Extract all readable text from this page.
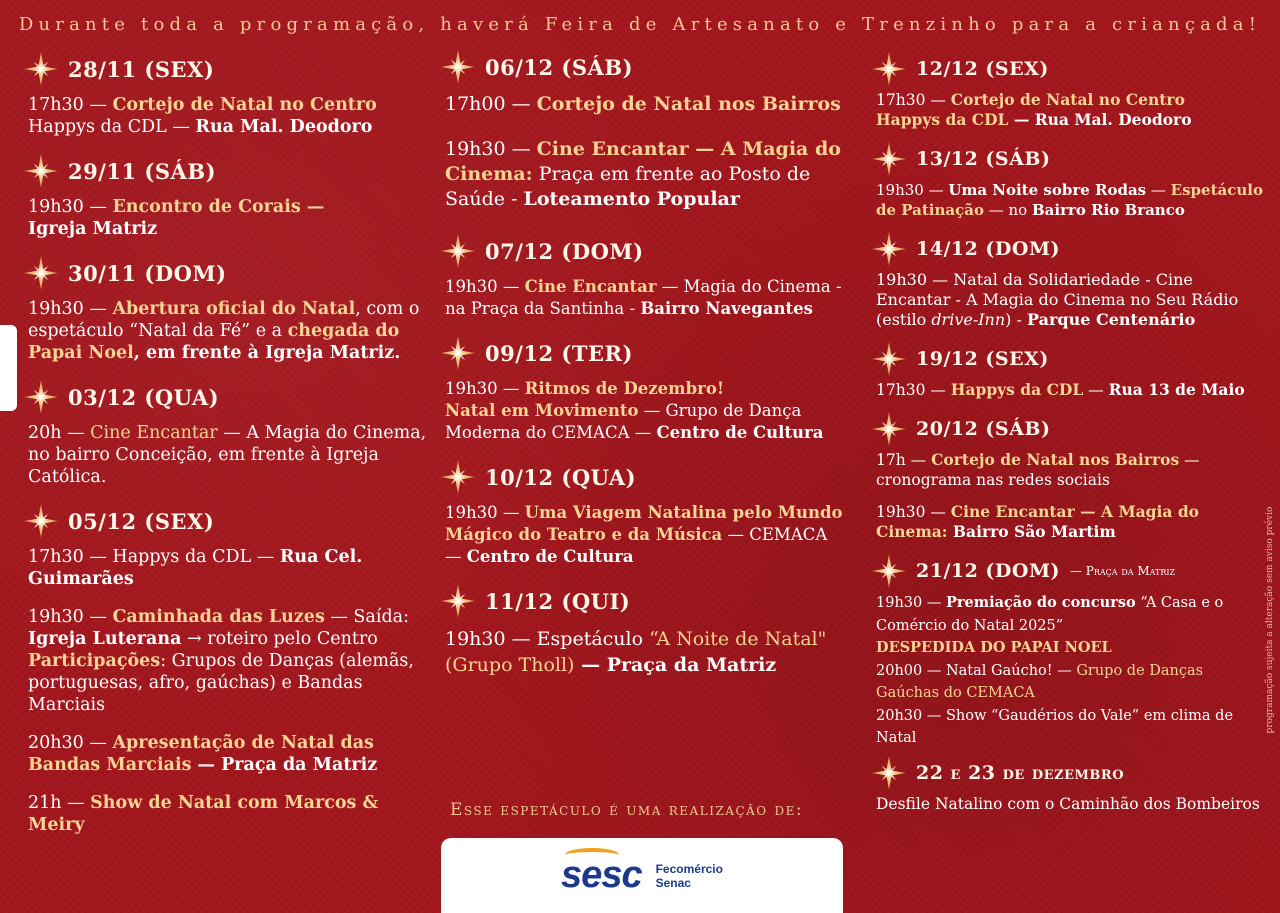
Durante toda a programação, haverá Feira de Artesanato e Trenzinho para a criançada!
28/11 (SEX)
17h30 — Cortejo de Natal no Centro
Happys da CDL — Rua Mal. Deodoro
29/11 (SÁB)
19h30 — Encontro de Corais —
Igreja Matriz
30/11 (DOM)
19h30 — Abertura oficial do Natal, com o espetáculo “Natal da Fé” e a chegada do Papai Noel, em frente à Igreja Matriz.
03/12 (QUA)
20h — Cine Encantar — A Magia do Cinema, no bairro Conceição, em frente à Igreja Católica.
05/12 (SEX)
17h30 — Happys da CDL — Rua Cel. Guimarães
19h30 — Caminhada das Luzes — Saída:
Igreja Luterana → roteiro pelo Centro
Participações: Grupos de Danças (alemãs, portuguesas, afro, gaúchas) e Bandas Marciais
20h30 — Apresentação de Natal das Bandas Marciais — Praça da Matriz
21h — Show de Natal com Marcos & Meiry
06/12 (SÁB)
17h00 — Cortejo de Natal nos Bairros
19h30 — Cine Encantar — A Magia do Cinema: Praça em frente ao Posto de Saúde - Loteamento Popular
07/12 (DOM)
19h30 — Cine Encantar — Magia do Cinema - na Praça da Santinha - Bairro Navegantes
09/12 (TER)
19h30 — Ritmos de Dezembro!
Natal em Movimento — Grupo de Dança Moderna do CEMACA — Centro de Cultura
10/12 (QUA)
19h30 — Uma Viagem Natalina pelo Mundo Mágico do Teatro e da Música — CEMACA — Centro de Cultura
11/12 (QUI)
19h30 — Espetáculo “A Noite de Natal" (Grupo Tholl) — Praça da Matriz
Esse espetáculo é uma realização de:
sesc Fecomércio
Senac
12/12 (SEX)
17h30 — Cortejo de Natal no Centro
Happys da CDL — Rua Mal. Deodoro
13/12 (SÁB)
19h30 — Uma Noite sobre Rodas — Espetáculo de Patinação — no Bairro Rio Branco
14/12 (DOM)
19h30 — Natal da Solidariedade - Cine Encantar - A Magia do Cinema no Seu Rádio (estilo drive-Inn) - Parque Centenário
19/12 (SEX)
17h30 — Happys da CDL — Rua 13 de Maio
20/12 (SÁB)
17h — Cortejo de Natal nos Bairros — cronograma nas redes sociais
19h30 — Cine Encantar — A Magia do Cinema: Bairro São Martim
21/12 (DOM) — Praça da Matriz
19h30 — Premiação do concurso “A Casa e o Comércio do Natal 2025”
DESPEDIDA DO PAPAI NOEL
20h00 — Natal Gaúcho! — Grupo de Danças Gaúchas do CEMACA
20h30 — Show “Gaudérios do Vale” em clima de Natal
22 e 23 de dezembro
Desfile Natalino com o Caminhão dos Bombeiros
programação sujeita a alteração sem aviso prévio
